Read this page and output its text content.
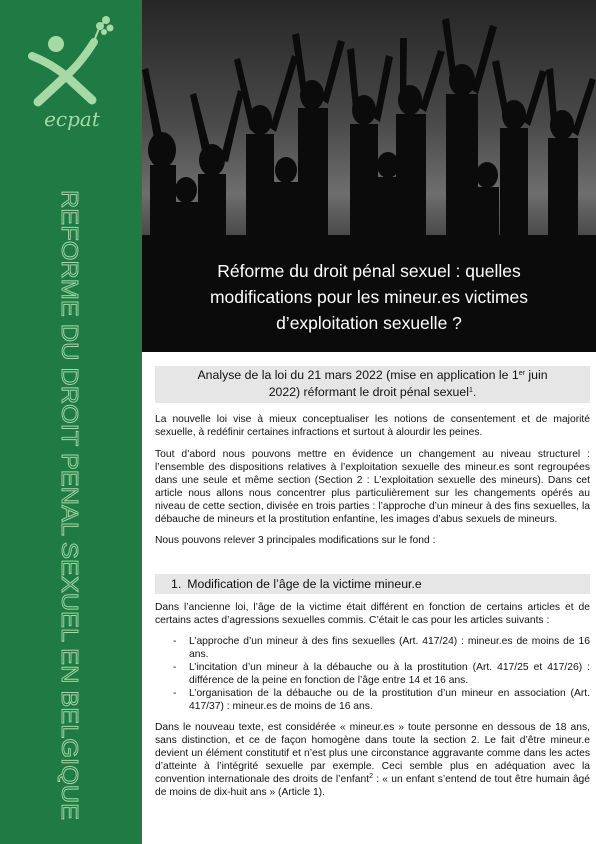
ecpat
REFORME DU DROIT PENAL SEXUEL EN BELGIQUE	Réforme du droit pénal sexuel : quelles
modifications pour les mineur.es victimes
d’exploitation sexuelle ?
Analyse de la loi du 21 mars 2022 (mise en application le 1er juin
2022) réformant le droit pénal sexuel$^1$.

La nouvelle loi vise à mieux conceptualiser les notions de consentement et de majorité sexuelle, à redéfinir certaines infractions et surtout à alourdir les peines.

Tout d’abord nous pouvons mettre en évidence un changement au niveau structurel : l’ensemble des dispositions relatives à l’exploitation sexuelle des mineur.es sont regroupées dans une seule et même section (Section 2 : L’exploitation sexuelle des mineurs). Dans cet article nous allons nous concentrer plus particulièrement sur les changements opérés au niveau de cette section, divisée en trois parties : l’approche d’un mineur à des fins sexuelles, la débauche de mineurs et la prostitution enfantine, les images d’abus sexuels de mineurs.

Nous pouvons relever 3 principales modifications sur le fond :

1. Modification de l’âge de la victime mineur.e

Dans l’ancienne loi, l’âge de la victime était différent en fonction de certains articles et de certains actes d’agressions sexuelles commis. C’était le cas pour les articles suivants :

- L’approche d’un mineur à des fins sexuelles (Art. 417/24) : mineur.es de moins de 16 ans.
- L’incitation d’un mineur à la débauche ou à la prostitution (Art. 417/25 et 417/26) : différence de la peine en fonction de l’âge entre 14 et 16 ans.
- L’organisation de la débauche ou de la prostitution d’un mineur en association (Art. 417/37) : mineur.es de moins de 16 ans.

Dans le nouveau texte, est considérée « mineur.es » toute personne en dessous de 18 ans, sans distinction, et ce de façon homogène dans toute la section 2. Le fait d’être mineur.e devient un élément constitutif et n’est plus une circonstance aggravante comme dans les actes d’atteinte à l’intégrité sexuelle par exemple. Ceci semble plus en adéquation avec la convention internationale des droits de l’enfant$^2$ : « un enfant s’entend de tout être humain âgé de moins de dix-huit ans » (Article 1).
